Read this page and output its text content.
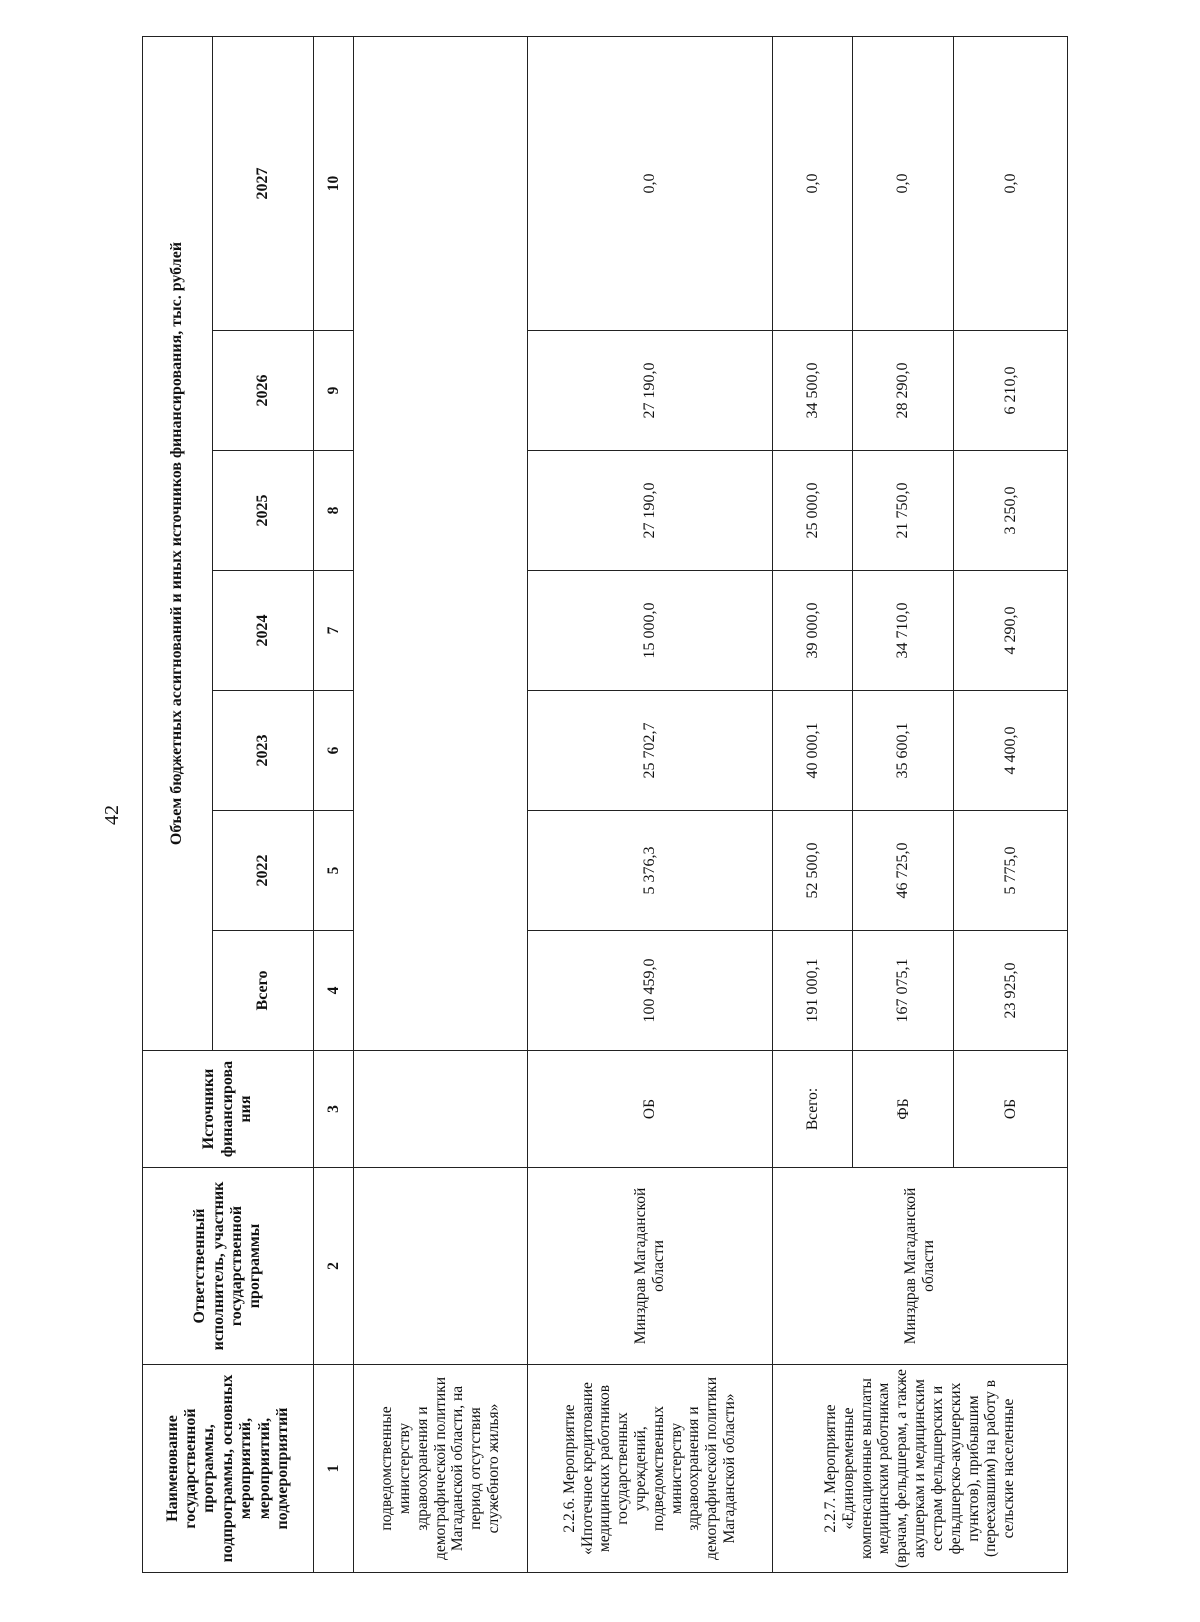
42
Наименование государственной программы, подпрограммы, основных мероприятий, мероприятий, подмероприятий	Ответственный исполнитель, участник государственной программы	Источники финансирова ния	Объем бюджетных ассигнований и иных источников финансирования, тыс. рублей						
			Всего	2022	2023	2024	2025	2026	2027
1	2	3	4	5	6	7	8	9	10
подведомственные министерству здравоохранения и демографической политики Магаданской области, на период отсутствия служебного жилья»									
2.2.6. Мероприятие «Ипотечное кредитование медицинских работников государственных учреждений, подведомственных министерству здравоохранения и демографической политики Магаданской области»	Минздрав Магаданской области	ОБ	100 459,0	5 376,3	25 702,7	15 000,0	27 190,0	27 190,0	0,0
2.2.7. Мероприятие «Единовременные компенсационные выплаты медицинским работникам (врачам, фельдшерам, а также акушеркам и медицинским сестрам фельдшерских и фельдшерско-акушерских пунктов), прибывшим (переехавшим) на работу в сельские населенные	Минздрав Магаданской области	Всего:	191 000,1	52 500,0	40 000,1	39 000,0	25 000,0	34 500,0	0,0
		ФБ	167 075,1	46 725,0	35 600,1	34 710,0	21 750,0	28 290,0	0,0
		ОБ	23 925,0	5 775,0	4 400,0	4 290,0	3 250,0	6 210,0	0,0
